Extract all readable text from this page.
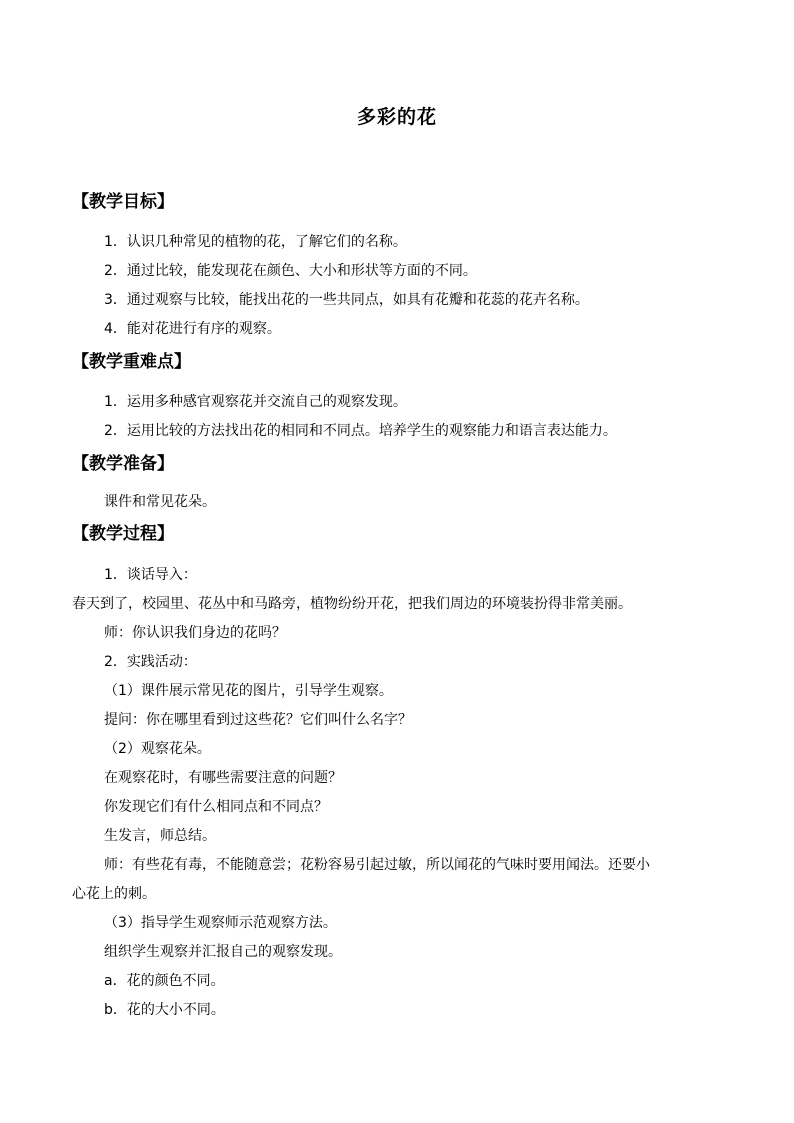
多彩的花
【教学目标】
1．认识几种常见的植物的花，了解它们的名称。
2．通过比较，能发现花在颜色、大小和形状等方面的不同。
3．通过观察与比较，能找出花的一些共同点，如具有花瓣和花蕊的花卉名称。
4．能对花进行有序的观察。
【教学重难点】
1．运用多种感官观察花并交流自己的观察发现。
2．运用比较的方法找出花的相同和不同点。培养学生的观察能力和语言表达能力。
【教学准备】
课件和常见花朵。
【教学过程】
1．谈话导入：
春天到了，校园里、花丛中和马路旁，植物纷纷开花，把我们周边的环境装扮得非常美丽。
师：你认识我们身边的花吗？
2．实践活动：
（1）课件展示常见花的图片，引导学生观察。
提问：你在哪里看到过这些花？它们叫什么名字？
（2）观察花朵。
在观察花时，有哪些需要注意的问题？
你发现它们有什么相同点和不同点？
生发言，师总结。
师：有些花有毒，不能随意尝；花粉容易引起过敏，所以闻花的气味时要用闻法。还要小
心花上的刺。
（3）指导学生观察师示范观察方法。
组织学生观察并汇报自己的观察发现。
a．花的颜色不同。
b．花的大小不同。
